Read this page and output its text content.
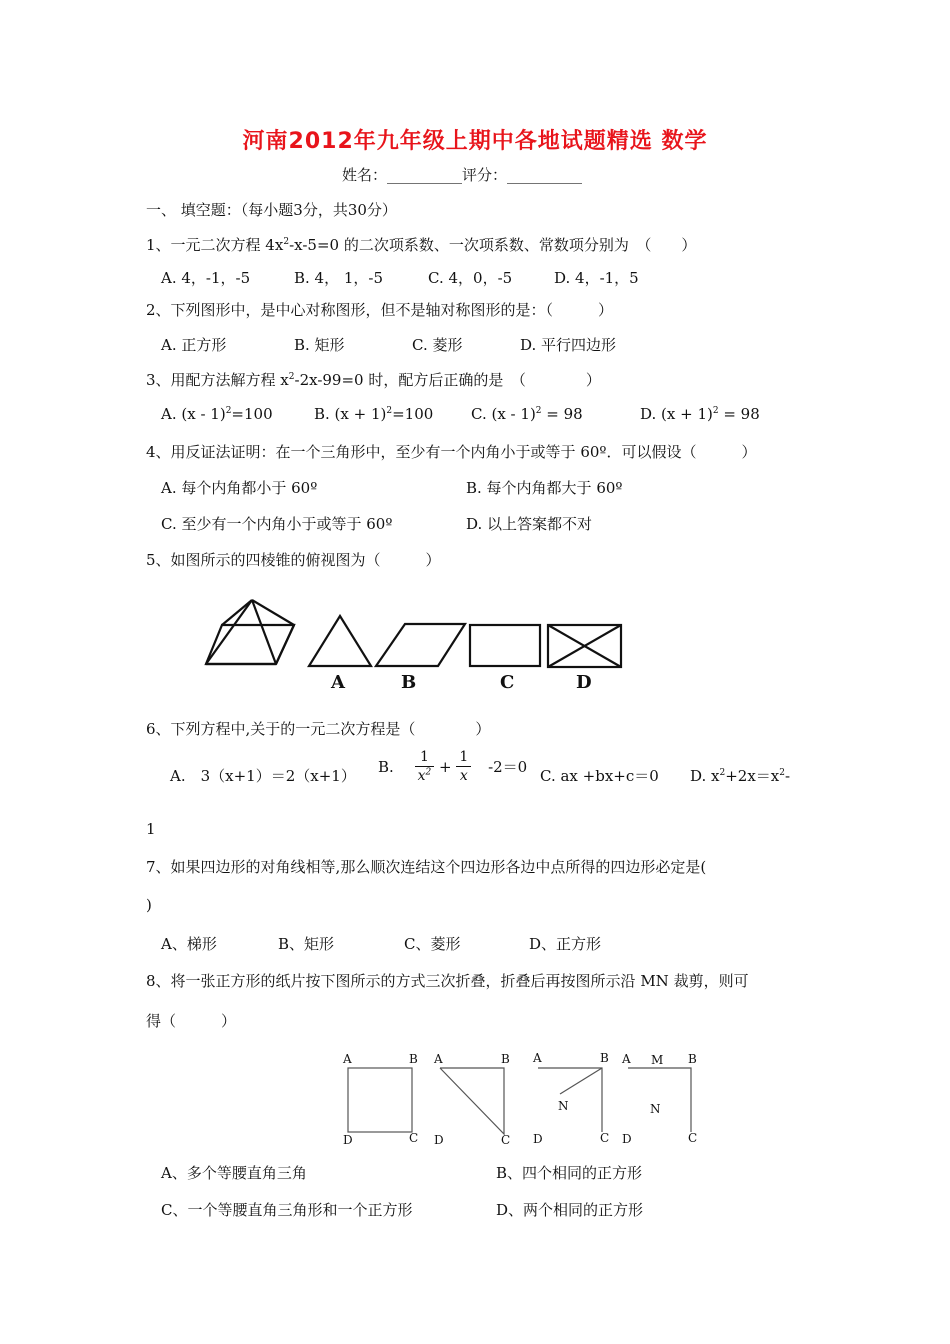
河南2012年九年级上期中各地试题精选 数学
姓名：__________评分：__________
一、 填空题：（每小题3分，共30分）
1、一元二次方程 $4x^2-x-5=0$ 的二次项系数、一次项系数、常数项分别为　（　　）
A. 4，-1，-5	B. 4， 1，-5	C. 4，0，-5	D. 4，-1，5
2、下列图形中，是中心对称图形，但不是轴对称图形的是：（　　　）
A. 正方形	B. 矩形	C. 菱形	D. 平行四边形
3、用配方法解方程 $x^2-2x-99=0$ 时，配方后正确的是　（　　　　）
A. (x - 1)$^2$=100	B. $(x + 1)^2=100$	C. (x - 1)$^2$ = 98	D. $(x + 1)^2 = 98$
4、用反证法证明：在一个三角形中，至少有一个内角小于或等于 60º．可以假设（　　　）
A. 每个内角都小于 60º	B. 每个内角都大于 60º
C. 至少有一个内角小于或等于 60º	D. 以上答案都不对
5、如图所示的四棱锥的俯视图为（　　　）
A	B	C	D
6、下列方程中,关于的一元二次方程是（　　　　）
A.　3（x+1）＝2（x+1）
B. $\frac{1}{x^2} + \frac{1}{x} -2=0$ C. ax +bx+c＝0 D. $x^2+2x=x^2-$
1
7、如果四边形的对角线相等,那么顺次连结这个四边形各边中点所得的四边形必定是(
)
A、梯形	B、矩形	C、菱形	D、正方形
8、将一张正方形的纸片按下图所示的方式三次折叠，折叠后再按图所示沿 MN 裁剪，则可
得（　　　）
A	B
D	C
A	B
D	C
A	B
N
D	C
A M B
N
D	C
A、多个等腰直角三角	B、四个相同的正方形
C、一个等腰直角三角形和一个正方形	D、两个相同的正方形
